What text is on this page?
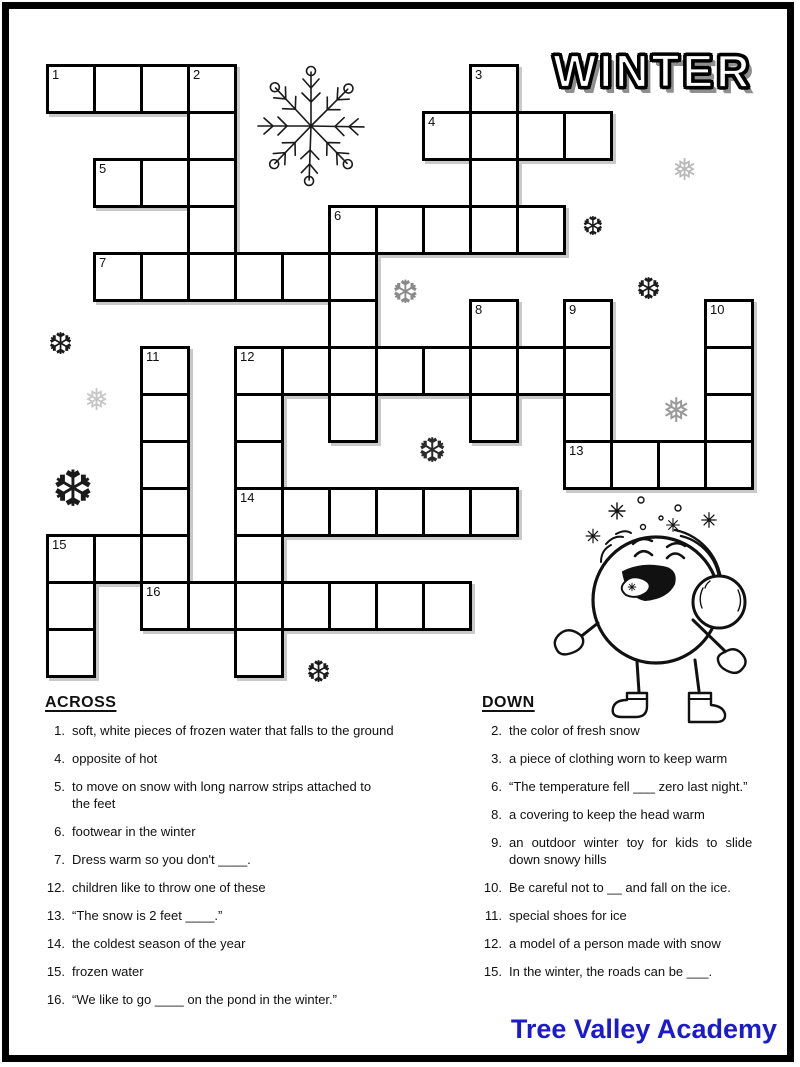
WINTER
❅
❆
❆
❆
❆
❅	❅
❆
❆
❆
1	2	3
4
5
6
7
8	9	10
11	12
13
14
15
16
ACROSS
1. soft, white pieces of frozen water that falls to the ground
4. opposite of hot
5. to move on snow with long narrow strips attached to
the feet
6. footwear in the winter
7. Dress warm so you don't ____.
12. children like to throw one of these
13. “The snow is 2 feet ____.”
14. the coldest season of the year
15. frozen water
16. “We like to go ____ on the pond in the winter.”
DOWN
2. the color of fresh snow
3. a piece of clothing worn to keep warm
6. “The temperature fell ___ zero last night.”
8. a covering to keep the head warm
9. an outdoor winter toy for kids to slide
down snowy hills
10. Be careful not to __ and fall on the ice.
11. special shoes for ice
12. a model of a person made with snow
15. In the winter, the roads can be ___.
Tree Valley Academy
